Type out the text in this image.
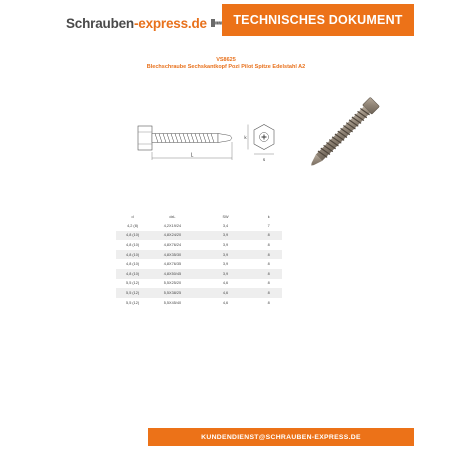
Schrauben-express.de TECHNISCHES DOKUMENT
VS8625
Blechschraube Sechskantkopf Pozi Pilot Spitze Edelstahl A2
L
s
k
d	dxL	SW	k
4,2 (8)	4,2X19/24	3,4	7
4,8 (10)	4,8X24/20	3,9	8
4,8 (10)	4,8X76/24	3,9	8
4,8 (10)	4,8X35/30	3,9	8
4,8 (10)	4,8X76/35	3,9	8
4,8 (10)	4,8X50/45	3,9	8
5,5 (12)	5,5X25/20	4,6	8
5,5 (12)	5,5X38/25	4,6	8
5,5 (12)	5,5X45/40	4,6	8
KUNDENDIENST@SCHRAUBEN-EXPRESS.DE
